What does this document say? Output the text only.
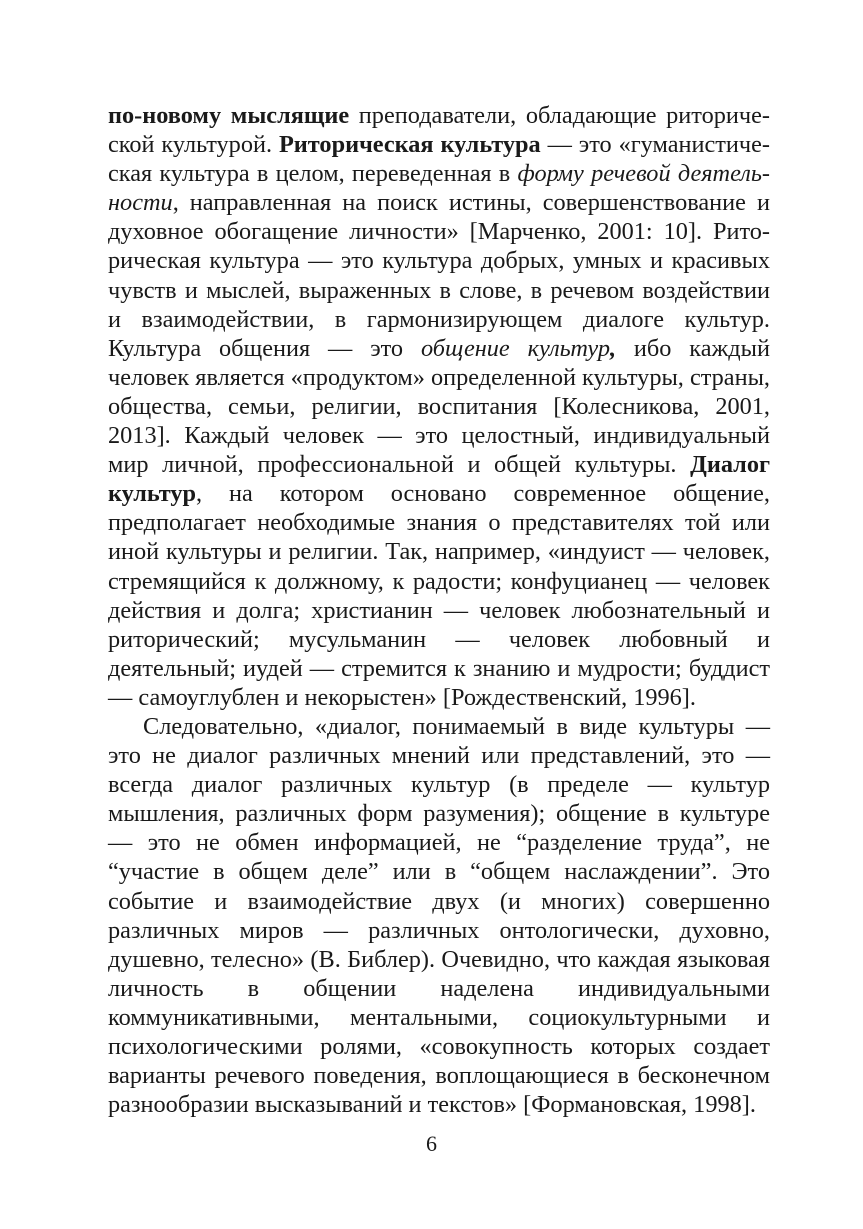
по-новому мыслящие преподаватели, обладающие риторической культурой. Риторическая культура — это «гуманистическая культура в целом, переведенная в форму речевой деятельности, направленная на поиск истины, совершенствование и духовное обогащение личности» [Марченко, 2001: 10]. Риторическая культура — это культура добрых, умных и красивых чувств и мыслей, выраженных в слове, в речевом воздействии и взаимодействии, в гармонизирующем диалоге культур. Культура общения — это общение культур, ибо каждый человек является «продуктом» определенной культуры, страны, общества, семьи, религии, воспитания [Колесникова, 2001, 2013]. Каждый человек — это целостный, индивидуальный мир личной, профессиональной и общей культуры. Диалог культур, на котором основано современное общение, предполагает необходимые знания о представителях той или иной культуры и религии. Так, например, «индуист — человек, стремящийся к должному, к радости; конфуцианец — человек действия и долга; христианин — человек любознательный и риторический; мусульманин — человек любовный и деятельный; иудей — стремится к знанию и мудрости; буддист — самоуглублен и некорыстен» [Рождественский, 1996].

Следовательно, «диалог, понимаемый в виде культуры — это не диалог различных мнений или представлений, это — всегда диалог различных культур (в пределе — культур мышления, различных форм разумения); общение в культуре — это не обмен информацией, не “разделение труда”, не “участие в общем деле” или в “общем наслаждении”. Это событие и взаимодействие двух (и многих) совершенно различных миров — различных онтологически, духовно, душевно, телесно» (В. Библер). Очевидно, что каждая языковая личность в общении наделена индивидуальными коммуникативными, ментальными, социокультурными и психологическими ролями, «совокупность которых создает варианты речевого поведения, воплощающиеся в бесконечном разнообразии высказываний и текстов» [Формановская, 1998].

6
